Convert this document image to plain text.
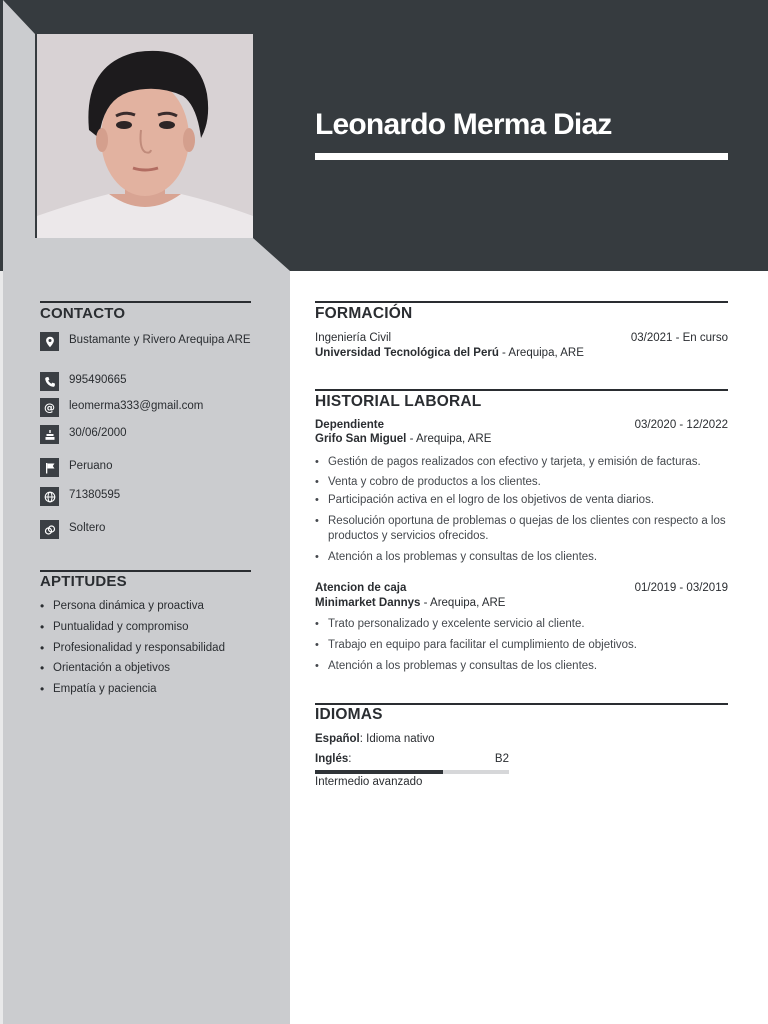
Leonardo Merma Diaz
CONTACTO
Bustamante y Rivero Arequipa ARE
995490665
@	leomerma333@gmail.com
30/06/2000
Peruano
71380595
Soltero
APTITUDES
• Persona dinámica y proactiva
• Puntualidad y compromiso
• Profesionalidad y responsabilidad
• Orientación a objetivos
• Empatía y paciencia
FORMACIÓN
Ingeniería Civil	03/2021 - En curso
Universidad Tecnológica del Perú - Arequipa, ARE
HISTORIAL LABORAL
Dependiente	03/2020 - 12/2022
Grifo San Miguel - Arequipa, ARE
• Gestión de pagos realizados con efectivo y tarjeta, y emisión de facturas.
• Venta y cobro de productos a los clientes.
• Participación activa en el logro de los objetivos de venta diarios.
• Resolución oportuna de problemas o quejas de los clientes con respecto a los productos y servicios ofrecidos.
• Atención a los problemas y consultas de los clientes.
Atencion de caja	01/2019 - 03/2019
Minimarket Dannys - Arequipa, ARE
• Trato personalizado y excelente servicio al cliente.
• Trabajo en equipo para facilitar el cumplimiento de objetivos.
• Atención a los problemas y consultas de los clientes.
IDIOMAS
Español : Idioma nativo
Inglés:	B2
Intermedio avanzado
